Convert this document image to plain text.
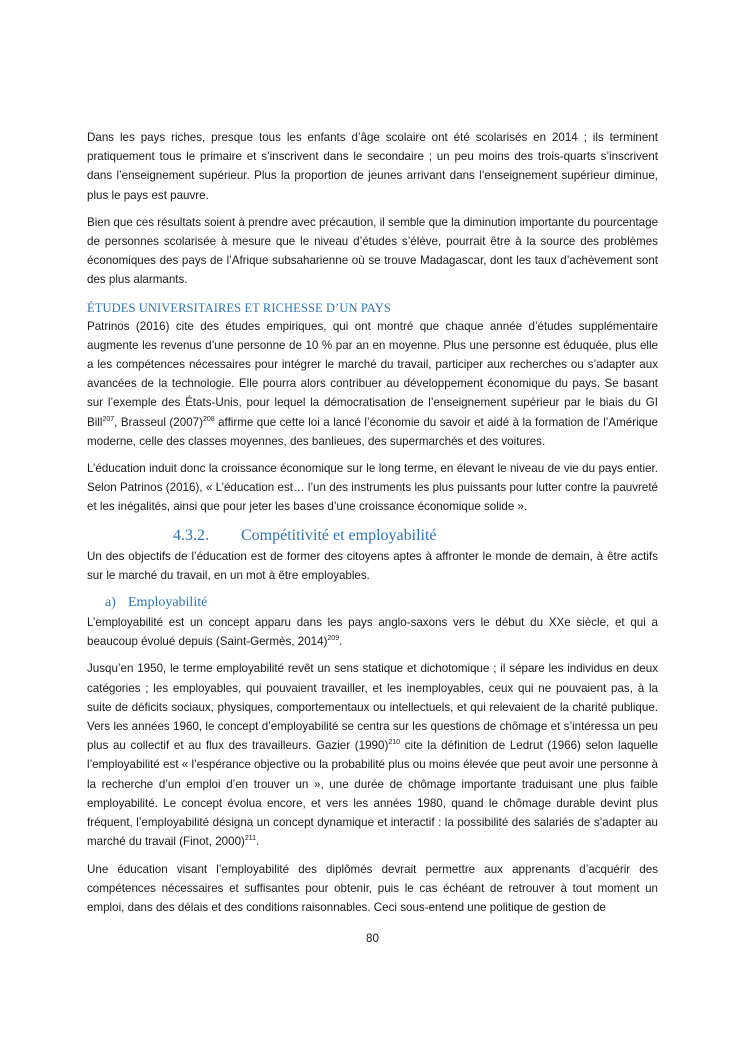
Dans les pays riches, presque tous les enfants d’âge scolaire ont été scolarisés en 2014 ; ils terminent pratiquement tous le primaire et s’inscrivent dans le secondaire ; un peu moins des trois-quarts s’inscrivent dans l’enseignement supérieur. Plus la proportion de jeunes arrivant dans l’enseignement supérieur diminue, plus le pays est pauvre.

Bien que ces résultats soient à prendre avec précaution, il semble que la diminution importante du pourcentage de personnes scolarisée à mesure que le niveau d’études s’élève, pourrait être à la source des problèmes économiques des pays de l’Afrique subsaharienne où se trouve Madagascar, dont les taux d’achèvement sont des plus alarmants.

ÉTUDES UNIVERSITAIRES ET RICHESSE D’UN PAYS

Patrinos (2016) cite des études empiriques, qui ont montré que chaque année d’études supplémentaire augmente les revenus d’une personne de 10 % par an en moyenne. Plus une personne est éduquée, plus elle a les compétences nécessaires pour intégrer le marché du travail, participer aux recherches ou s’adapter aux avancées de la technologie. Elle pourra alors contribuer au développement économique du pays. Se basant sur l’exemple des États-Unis, pour lequel la démocratisation de l’enseignement supérieur par le biais du GI Bill$^{207}$, Brasseul $(2007)^{208}$ affirme que cette loi a lancé l’économie du savoir et aidé à la formation de l’Amérique moderne, celle des classes moyennes, des banlieues, des supermarchés et des voitures.

L’éducation induit donc la croissance économique sur le long terme, en élevant le niveau de vie du pays entier. Selon Patrinos (2016), « L’éducation est… l’un des instruments les plus puissants pour lutter contre la pauvreté et les inégalités, ainsi que pour jeter les bases d’une croissance économique solide ».

4.3.2.	Compétitivité et employabilité

Un des objectifs de l’éducation est de former des citoyens aptes à affronter le monde de demain, à être actifs sur le marché du travail, en un mot à être employables.

a) Employabilité

L’employabilité est un concept apparu dans les pays anglo-saxons vers le début du XXe siècle, et qui a beaucoup évolué depuis (Saint-Germès, 2014)$^{209}$.

Jusqu’en 1950, le terme employabilité revêt un sens statique et dichotomique ; il sépare les individus en deux catégories ; les employables, qui pouvaient travailler, et les inemployables, ceux qui ne pouvaient pas, à la suite de déficits sociaux, physiques, comportementaux ou intellectuels, et qui relevaient de la charité publique. Vers les années 1960, le concept d’employabilité se centra sur les questions de chômage et s’intéressa un peu plus au collectif et au flux des travailleurs. Gazier $(1990)^{210}$ cite la définition de Ledrut (1966) selon laquelle l’employabilité est « l’espérance objective ou la probabilité plus ou moins élevée que peut avoir une personne à la recherche d’un emploi d’en trouver un », une durée de chômage importante traduisant une plus faible employabilité. Le concept évolua encore, et vers les années 1980, quand le chômage durable devint plus fréquent, l’employabilité désigna un concept dynamique et interactif : la possibilité des salariés de s’adapter au marché du travail (Finot, 2000)$^{211}$.

Une éducation visant l’employabilité des diplômés devrait permettre aux apprenants d’acquérir des compétences nécessaires et suffisantes pour obtenir, puis le cas échéant de retrouver à tout moment un emploi, dans des délais et des conditions raisonnables. Ceci sous-entend une politique de gestion de

80
